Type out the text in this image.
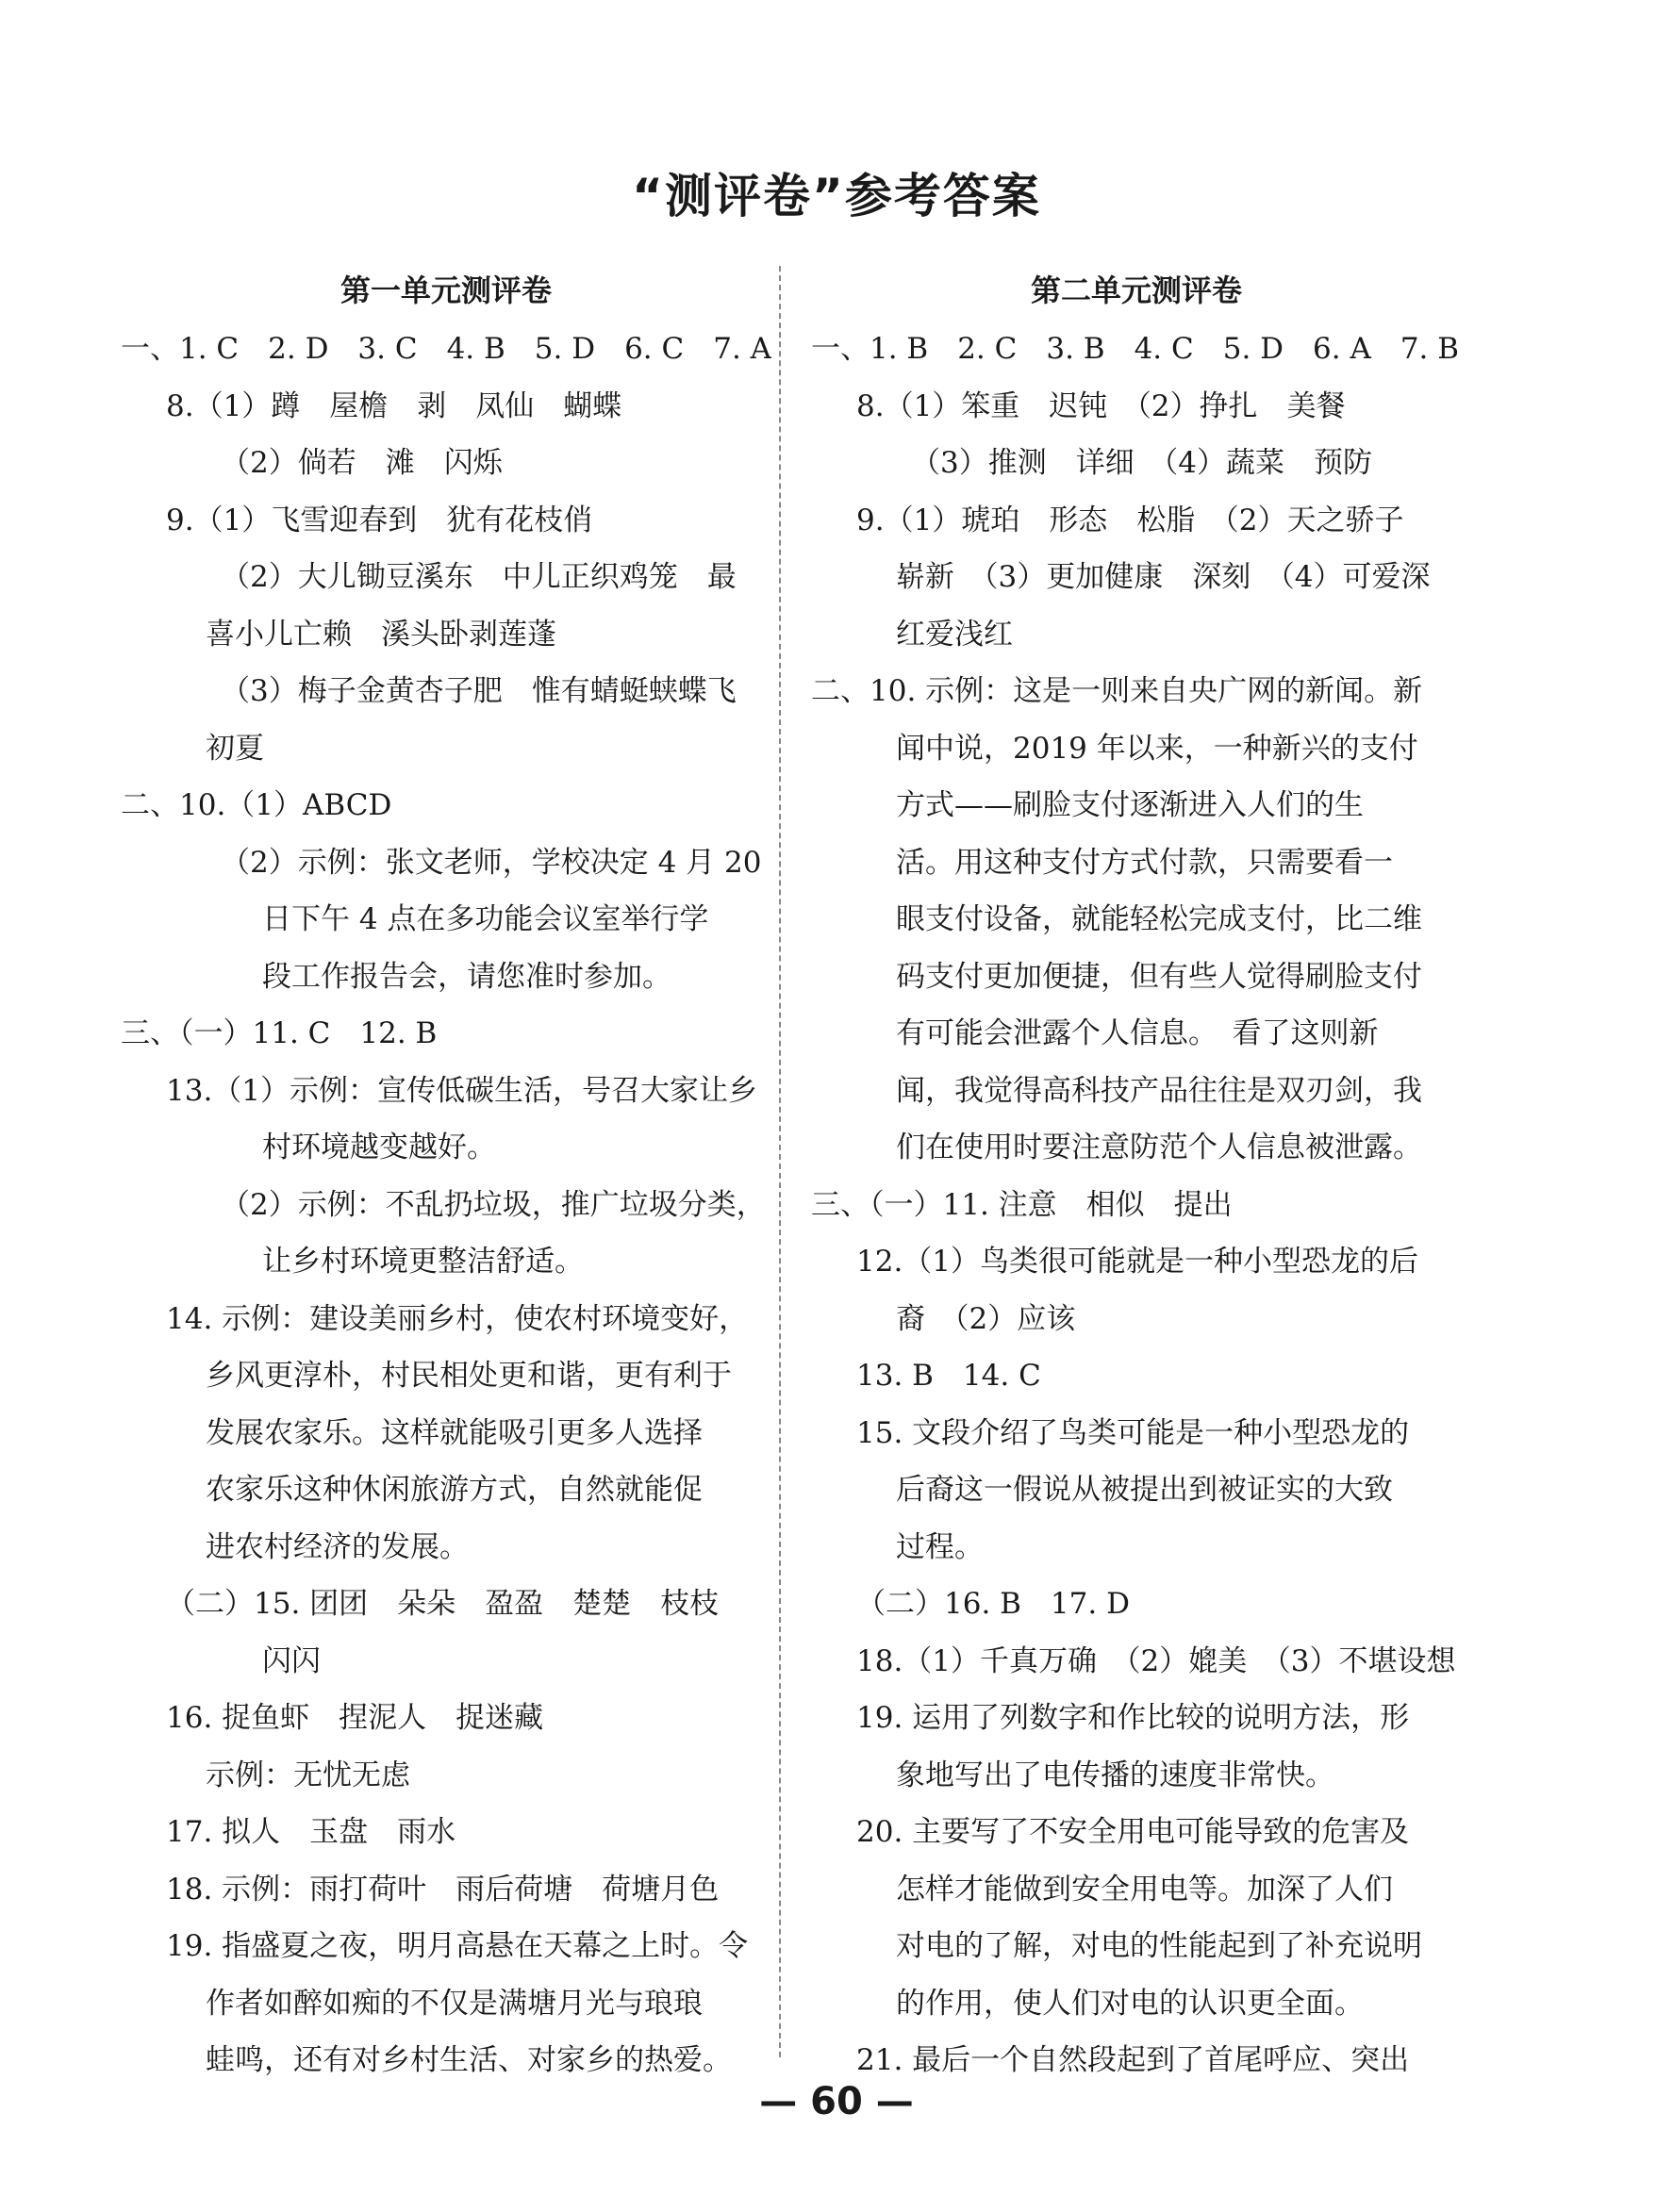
“测评卷”参考答案
第一单元测评卷
一、1. C　2. D　3. C　4. B　5. D　6. C　7. A
8.（1）蹲　屋檐　剥　凤仙　蝴蝶
（2）倘若　滩　闪烁
9.（1）飞雪迎春到　犹有花枝俏
（2）大儿锄豆溪东　中儿正织鸡笼　最
喜小儿亡赖　溪头卧剥莲蓬
（3）梅子金黄杏子肥　惟有蜻蜓蛱蝶飞
初夏
二、10.（1）ABCD
（2）示例：张文老师，学校决定 4 月 20
日下午 4 点在多功能会议室举行学
段工作报告会，请您准时参加。
三、（一）11. C　12. B
13.（1）示例：宣传低碳生活，号召大家让乡
村环境越变越好。
（2）示例：不乱扔垃圾，推广垃圾分类，
让乡村环境更整洁舒适。
14. 示例：建设美丽乡村，使农村环境变好，
乡风更淳朴，村民相处更和谐，更有利于
发展农家乐。这样就能吸引更多人选择
农家乐这种休闲旅游方式，自然就能促
进农村经济的发展。
（二）15. 团团　朵朵　盈盈　楚楚　枝枝
闪闪
16. 捉鱼虾　捏泥人　捉迷藏
示例：无忧无虑
17. 拟人　玉盘　雨水
18. 示例：雨打荷叶　雨后荷塘　荷塘月色
19. 指盛夏之夜，明月高悬在天幕之上时。令
作者如醉如痴的不仅是满塘月光与琅琅
蛙鸣，还有对乡村生活、对家乡的热爱。
第二单元测评卷
一、1. B　2. C　3. B　4. C　5. D　6. A　7. B
8.（1）笨重　迟钝　（2）挣扎　美餐
（3）推测　详细　（4）蔬菜　预防
9.（1）琥珀　形态　松脂　（2）天之骄子
崭新　（3）更加健康　深刻　（4）可爱深
红爱浅红
二、10. 示例：这是一则来自央广网的新闻。新
闻中说，2019 年以来，一种新兴的支付
方式——刷脸支付逐渐进入人们的生
活。用这种支付方式付款，只需要看一
眼支付设备，就能轻松完成支付，比二维
码支付更加便捷，但有些人觉得刷脸支付
有可能会泄露个人信息。　看了这则新
闻，我觉得高科技产品往往是双刃剑，我
们在使用时要注意防范个人信息被泄露。
三、（一）11. 注意　相似　提出
12.（1）鸟类很可能就是一种小型恐龙的后
裔　（2）应该
13. B　14. C
15. 文段介绍了鸟类可能是一种小型恐龙的
后裔这一假说从被提出到被证实的大致
过程。
（二）16. B　17. D
18.（1）千真万确　（2）媲美　（3）不堪设想
19. 运用了列数字和作比较的说明方法，形
象地写出了电传播的速度非常快。
20. 主要写了不安全用电可能导致的危害及
怎样才能做到安全用电等。加深了人们
对电的了解，对电的性能起到了补充说明
的作用，使人们对电的认识更全面。
21. 最后一个自然段起到了首尾呼应、突出
— 60 —
